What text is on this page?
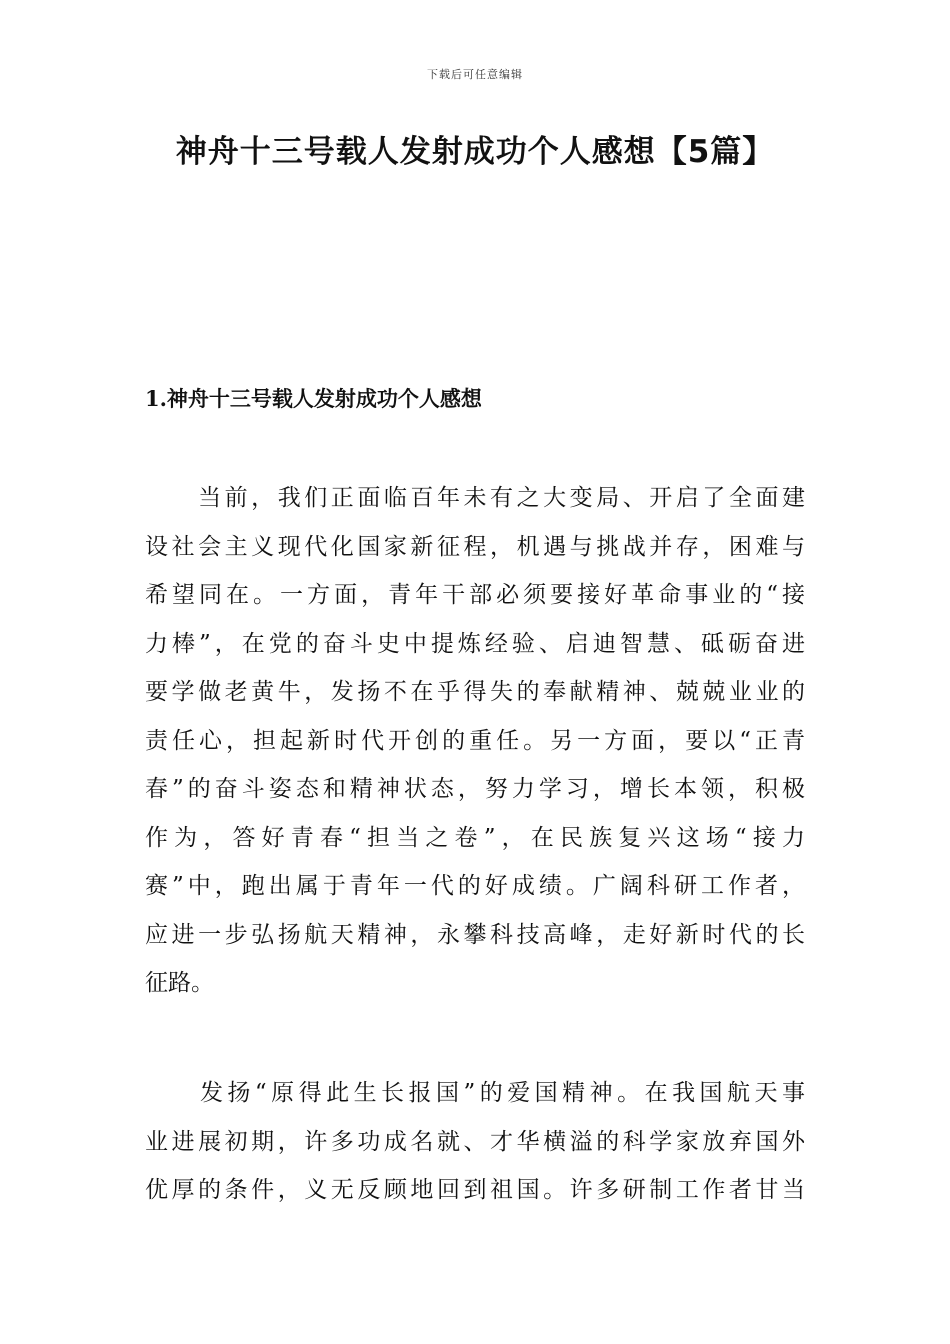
下载后可任意编辑
神舟十三号载人发射成功个人感想【5篇】
1.神舟十三号载人发射成功个人感想
　　当前，我们正面临百年未有之大变局、开启了全面建
设社会主义现代化国家新征程，机遇与挑战并存，困难与
希望同在。一方面，青年干部必须要接好革命事业的“接
力棒”，在党的奋斗史中提炼经验、启迪智慧、砥砺奋进
要学做老黄牛，发扬不在乎得失的奉献精神、兢兢业业的
责任心，担起新时代开创的重任。另一方面，要以“正青
春”的奋斗姿态和精神状态，努力学习，增长本领，积极
作为，答好青春“担当之卷”，在民族复兴这场“接力
赛”中，跑出属于青年一代的好成绩。广阔科研工作者，
应进一步弘扬航天精神，永攀科技高峰，走好新时代的长
征路。
　　发扬“原得此生长报国”的爱国精神。在我国航天事
业进展初期，许多功成名就、才华横溢的科学家放弃国外
优厚的条件，义无反顾地回到祖国。许多研制工作者甘当
